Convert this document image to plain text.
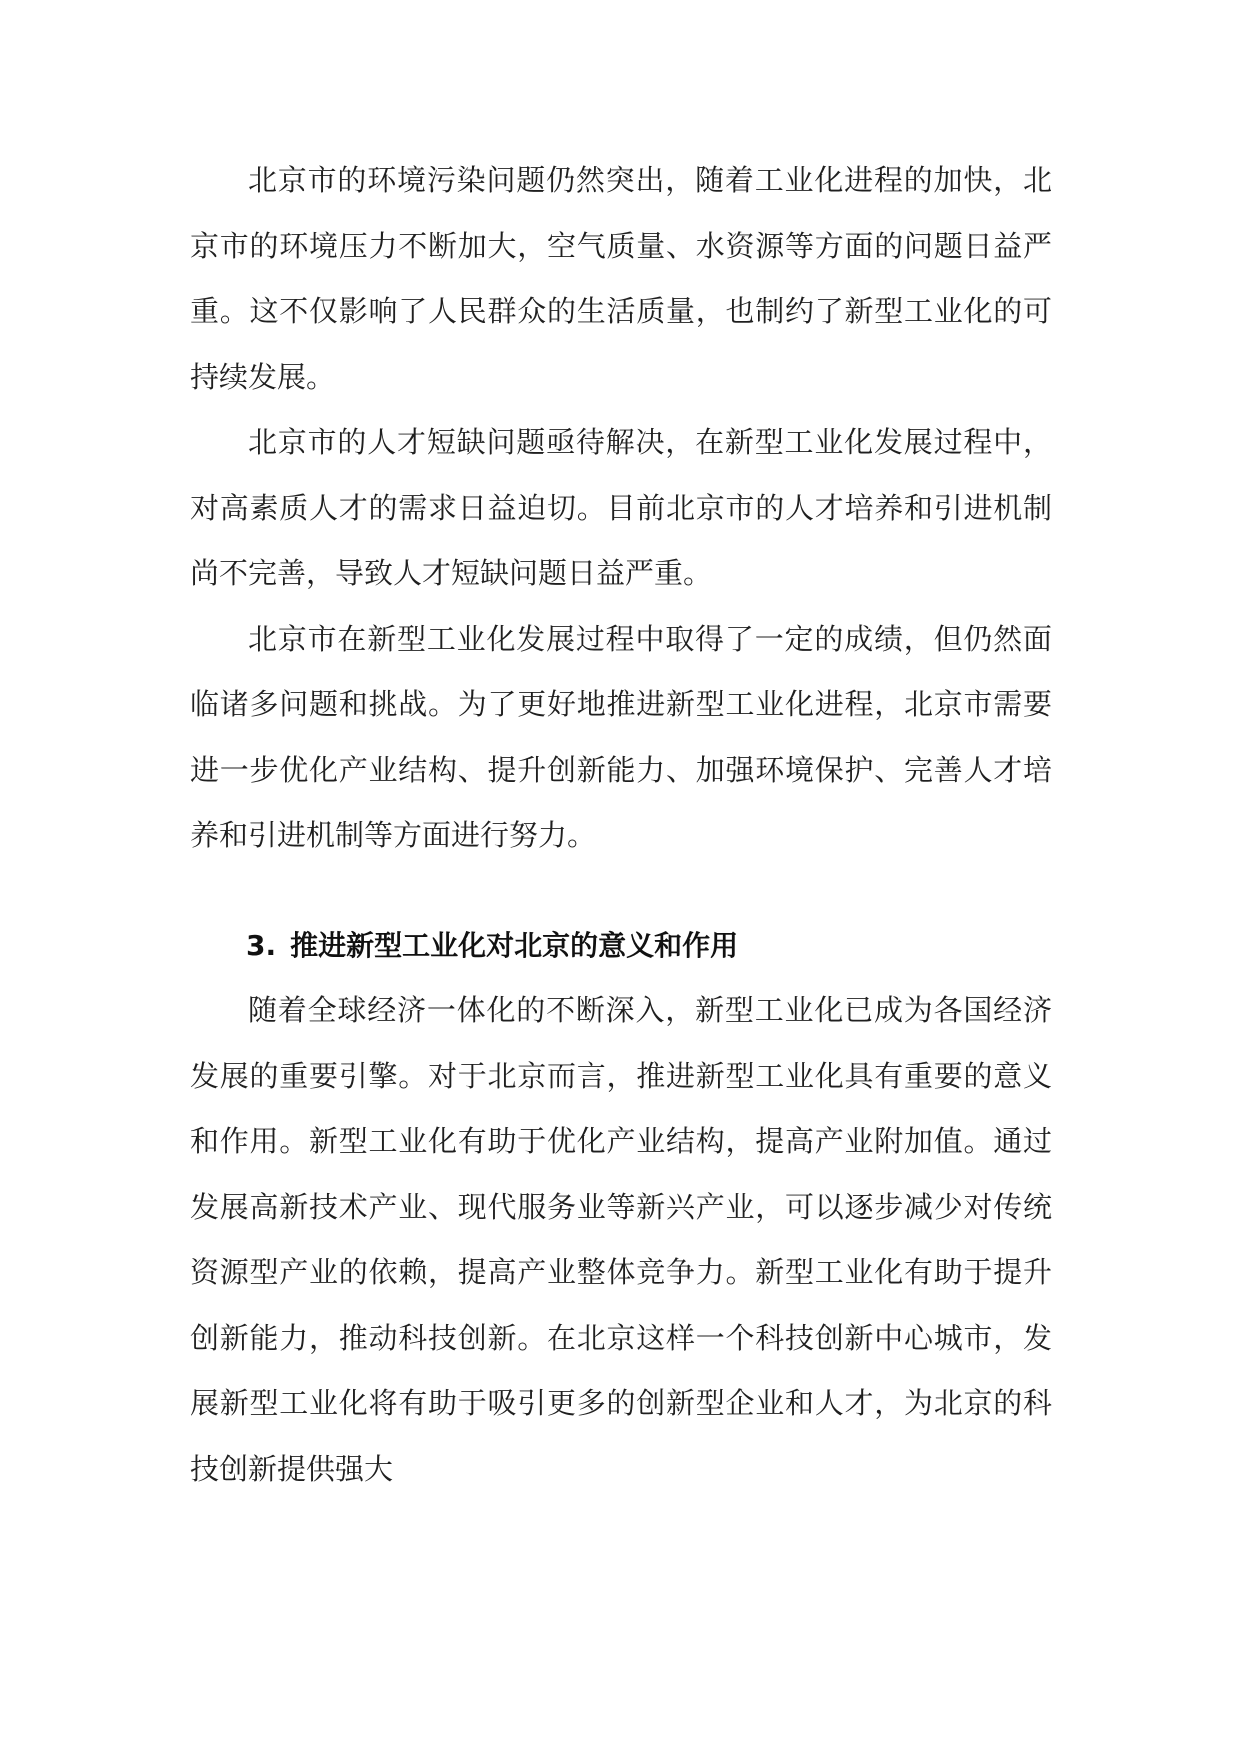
北京市的环境污染问题仍然突出，随着工业化进程的加快，北京市的环境压力不断加大，空气质量、水资源等方面的问题日益严重。这不仅影响了人民群众的生活质量，也制约了新型工业化的可持续发展。

北京市的人才短缺问题亟待解决，在新型工业化发展过程中，对高素质人才的需求日益迫切。目前北京市的人才培养和引进机制尚不完善，导致人才短缺问题日益严重。

北京市在新型工业化发展过程中取得了一定的成绩，但仍然面临诸多问题和挑战。为了更好地推进新型工业化进程，北京市需要进一步优化产业结构、提升创新能力、加强环境保护、完善人才培养和引进机制等方面进行努力。

3. 推进新型工业化对北京的意义和作用

随着全球经济一体化的不断深入，新型工业化已成为各国经济发展的重要引擎。对于北京而言，推进新型工业化具有重要的意义和作用。新型工业化有助于优化产业结构，提高产业附加值。通过发展高新技术产业、现代服务业等新兴产业，可以逐步减少对传统资源型产业的依赖，提高产业整体竞争力。新型工业化有助于提升创新能力，推动科技创新。在北京这样一个科技创新中心城市，发展新型工业化将有助于吸引更多的创新型企业和人才，为北京的科技创新提供强大
